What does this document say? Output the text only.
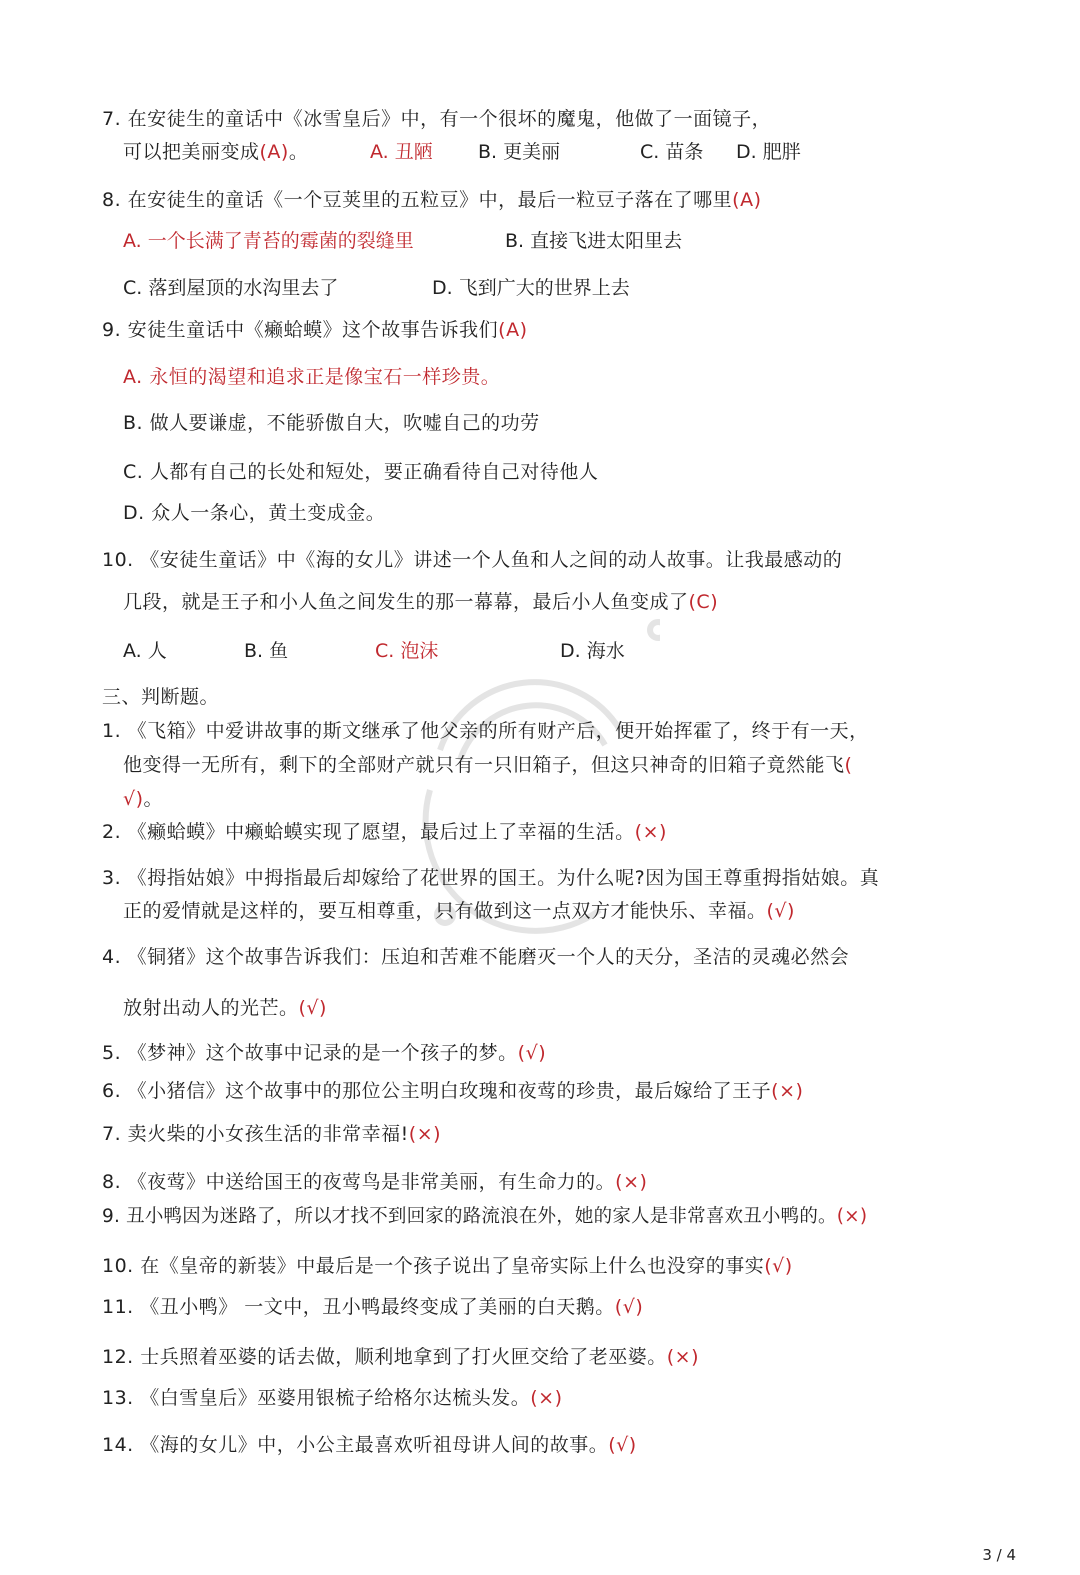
7. 在安徒生的童话中《冰雪皇后》中，有一个很坏的魔鬼，他做了一面镜子，
可以把美丽变成(A)。	A. 丑陋 B. 更美丽	C. 苗条 D. 肥胖
8. 在安徒生的童话《一个豆荚里的五粒豆》中，最后一粒豆子落在了哪里(A)
A. 一个长满了青苔的霉菌的裂缝里	B. 直接飞进太阳里去
C. 落到屋顶的水沟里去了	D. 飞到广大的世界上去
9. 安徒生童话中《癞蛤蟆》这个故事告诉我们(A)
A. 永恒的渴望和追求正是像宝石一样珍贵。
B. 做人要谦虚，不能骄傲自大，吹嘘自己的功劳
C. 人都有自己的长处和短处，要正确看待自己对待他人
D. 众人一条心，黄土变成金。
10. 《安徒生童话》中《海的女儿》讲述一个人鱼和人之间的动人故事。让我最感动的
几段，就是王子和小人鱼之间发生的那一幕幕，最后小人鱼变成了(C)
A. 人	B. 鱼	C. 泡沫	D. 海水
三、判断题。
1. 《飞箱》中爱讲故事的斯文继承了他父亲的所有财产后，便开始挥霍了，终于有一天，
他变得一无所有，剩下的全部财产就只有一只旧箱子，但这只神奇的旧箱子竟然能飞(
√)。
2. 《癞蛤蟆》中癞蛤蟆实现了愿望，最后过上了幸福的生活。(×)
3. 《拇指姑娘》中拇指最后却嫁给了花世界的国王。为什么呢?因为国王尊重拇指姑娘。真
正的爱情就是这样的，要互相尊重，只有做到这一点双方才能快乐、幸福。(√)
4. 《铜猪》这个故事告诉我们：压迫和苦难不能磨灭一个人的天分，圣洁的灵魂必然会
放射出动人的光芒。(√)
5. 《梦神》这个故事中记录的是一个孩子的梦。(√)
6. 《小猪信》这个故事中的那位公主明白玫瑰和夜莺的珍贵，最后嫁给了王子(×)
7. 卖火柴的小女孩生活的非常幸福!(×)
8. 《夜莺》中送给国王的夜莺鸟是非常美丽，有生命力的。(×)
9. 丑小鸭因为迷路了，所以才找不到回家的路流浪在外，她的家人是非常喜欢丑小鸭的。(×)
10. 在《皇帝的新装》中最后是一个孩子说出了皇帝实际上什么也没穿的事实(√)
11. 《丑小鸭》 一文中，丑小鸭最终变成了美丽的白天鹅。(√)
12. 士兵照着巫婆的话去做，顺利地拿到了打火匣交给了老巫婆。(×)
13. 《白雪皇后》巫婆用银梳子给格尔达梳头发。(×)
14. 《海的女儿》中，小公主最喜欢听祖母讲人间的故事。(√)
3 / 4
